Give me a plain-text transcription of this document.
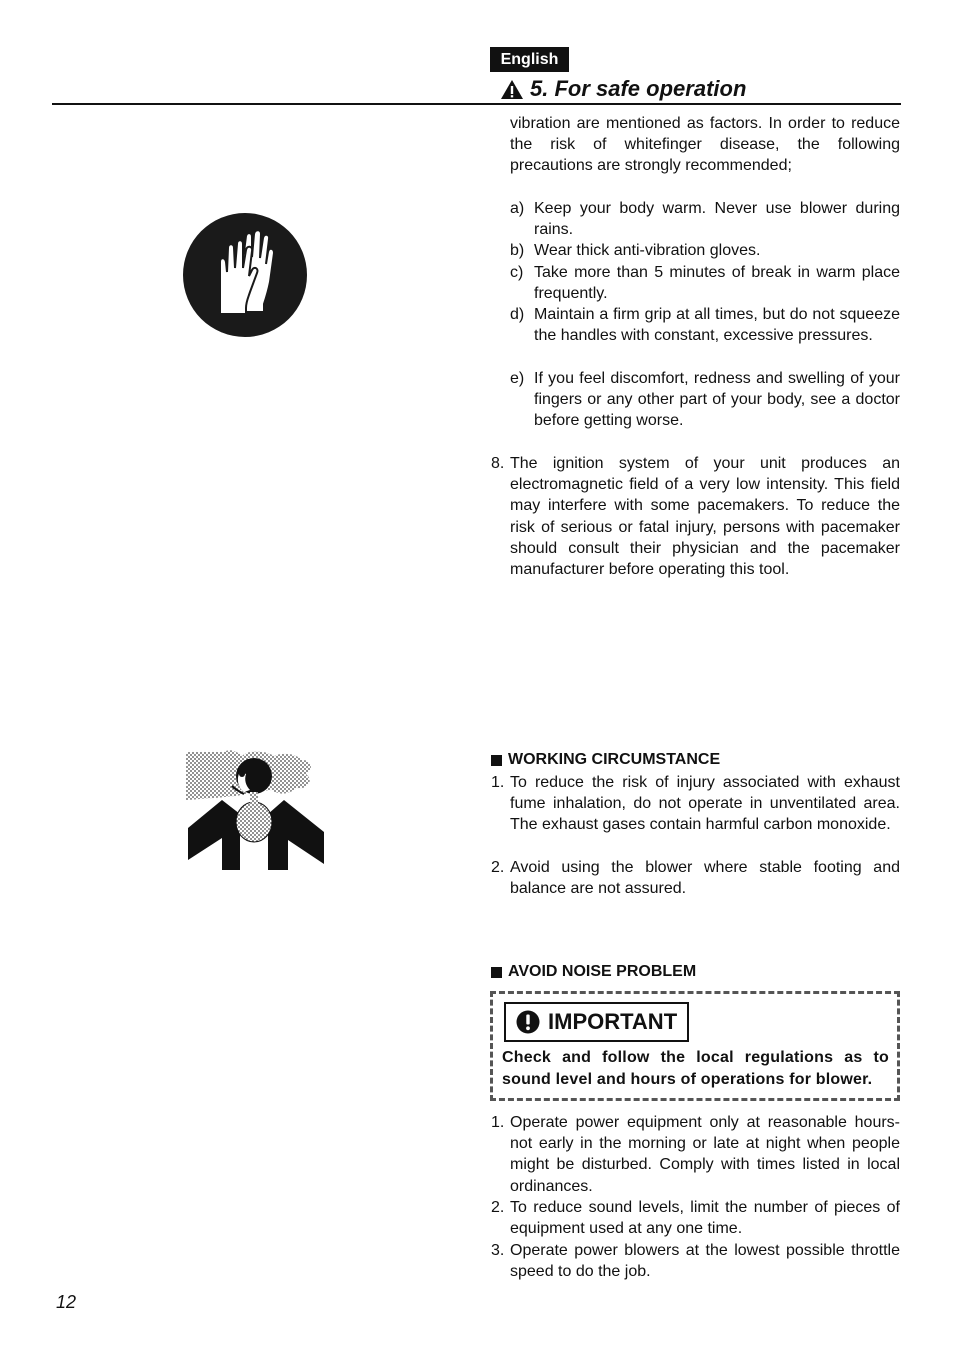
English
5. For safe operation
vibration are mentioned as factors. In order to reduce the risk of whitefinger disease, the following precautions are strongly recommended;
a) Keep your body warm. Never use blower during rains.
b) Wear thick anti-vibration gloves.
c) Take more than 5 minutes of break in warm place frequently.
d) Maintain a firm grip at all times, but do not squeeze the handles with constant, excessive pressures.
e) If you feel discomfort, redness and swelling of your fingers or any other part of your body, see a doctor before getting worse.
8. The ignition system of your unit produces an electromagnetic field of a very low intensity. This field may interfere with some pacemakers. To reduce the risk of serious or fatal injury, persons with pacemaker should consult their physician and the pacemaker manufacturer before operating this tool.
WORKING CIRCUMSTANCE
1. To reduce the risk of injury associated with exhaust fume inhalation, do not operate in unventilated area. The exhaust gases contain harmful carbon monoxide.
2. Avoid using the blower where stable footing and balance are not assured.
AVOID NOISE PROBLEM
IMPORTANT
Check and follow the local regulations as to sound level and hours of operations for blower.
1. Operate power equipment only at reasonable hours-not early in the morning or late at night when people might be disturbed. Comply with times listed in local ordinances.
2. To reduce sound levels, limit the number of pieces of equipment used at any one time.
3. Operate power blowers at the lowest possible throttle speed to do the job.
12
